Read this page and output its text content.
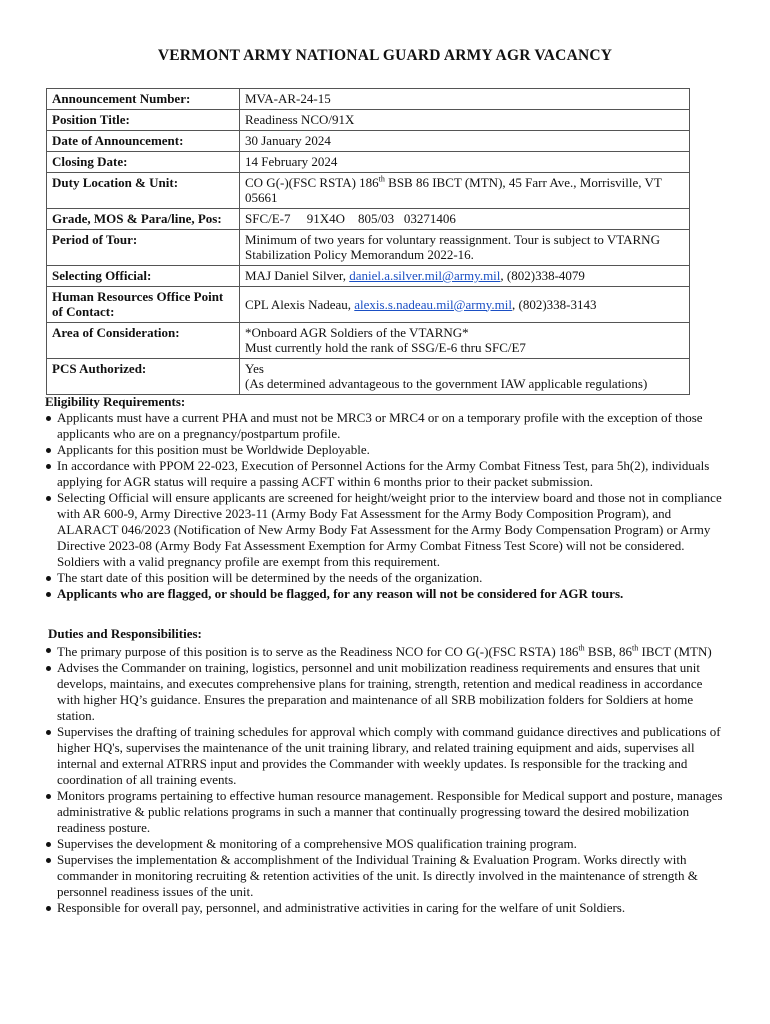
VERMONT ARMY NATIONAL GUARD ARMY AGR VACANCY
Announcement Number:	MVA-AR-24-15
Position Title:	Readiness NCO/91X
Date of Announcement:	30 January 2024
Closing Date:	14 February 2024
Duty Location & Unit:	CO G(-)(FSC RSTA) 186th BSB 86 IBCT (MTN), 45 Farr Ave., Morrisville, VT 05661
Grade, MOS & Para/line, Pos:	SFC/E-7     91X4O    805/03   03271406
Period of Tour:	Minimum of two years for voluntary reassignment. Tour is subject to VTARNG Stabilization Policy Memorandum 2022-16.
Selecting Official:	MAJ Daniel Silver, daniel.a.silver.mil@army.mil, (802)338-4079
Human Resources Office Point of Contact:	CPL Alexis Nadeau, alexis.s.nadeau.mil@army.mil, (802)338-3143
Area of Consideration:	*Onboard AGR Soldiers of the VTARNG*
Must currently hold the rank of SSG/E-6 thru SFC/E7

PCS Authorized:	Yes
(As determined advantageous to the government IAW applicable regulations)
Eligibility Requirements:
Applicants must have a current PHA and must not be MRC3 or MRC4 or on a temporary profile with the exception of those applicants who are on a pregnancy/postpartum profile.
Applicants for this position must be Worldwide Deployable.
In accordance with PPOM 22-023, Execution of Personnel Actions for the Army Combat Fitness Test, para 5h(2), individuals applying for AGR status will require a passing ACFT within 6 months prior to their packet submission.
Selecting Official will ensure applicants are screened for height/weight prior to the interview board and those not in compliance with AR 600-9, Army Directive 2023-11 (Army Body Fat Assessment for the Army Body Composition Program), and ALARACT 046/2023 (Notification of New Army Body Fat Assessment for the Army Body Compensation Program) or Army Directive 2023-08 (Army Body Fat Assessment Exemption for Army Combat Fitness Test Score) will not be considered. Soldiers with a valid pregnancy profile are exempt from this requirement.
The start date of this position will be determined by the needs of the organization.
Applicants who are flagged, or should be flagged, for any reason will not be considered for AGR tours.
Duties and Responsibilities:
The primary purpose of this position is to serve as the Readiness NCO for CO G(-)(FSC RSTA) 186th BSB, 86th IBCT (MTN)
Advises the Commander on training, logistics, personnel and unit mobilization readiness requirements and ensures that unit develops, maintains, and executes comprehensive plans for training, strength, retention and medical readiness in accordance with higher HQ’s guidance. Ensures the preparation and maintenance of all SRB mobilization folders for Soldiers at home station.
Supervises the drafting of training schedules for approval which comply with command guidance directives and publications of higher HQ's, supervises the maintenance of the unit training library, and related training equipment and aids, supervises all internal and external ATRRS input and provides the Commander with weekly updates. Is responsible for the tracking and coordination of all training events.
Monitors programs pertaining to effective human resource management. Responsible for Medical support and posture, manages administrative & public relations programs in such a manner that continually progressing toward the desired mobilization readiness posture.
Supervises the development & monitoring of a comprehensive MOS qualification training program.
Supervises the implementation & accomplishment of the Individual Training & Evaluation Program. Works directly with commander in monitoring recruiting & retention activities of the unit. Is directly involved in the maintenance of strength & personnel readiness issues of the unit.
Responsible for overall pay, personnel, and administrative activities in caring for the welfare of unit Soldiers.
